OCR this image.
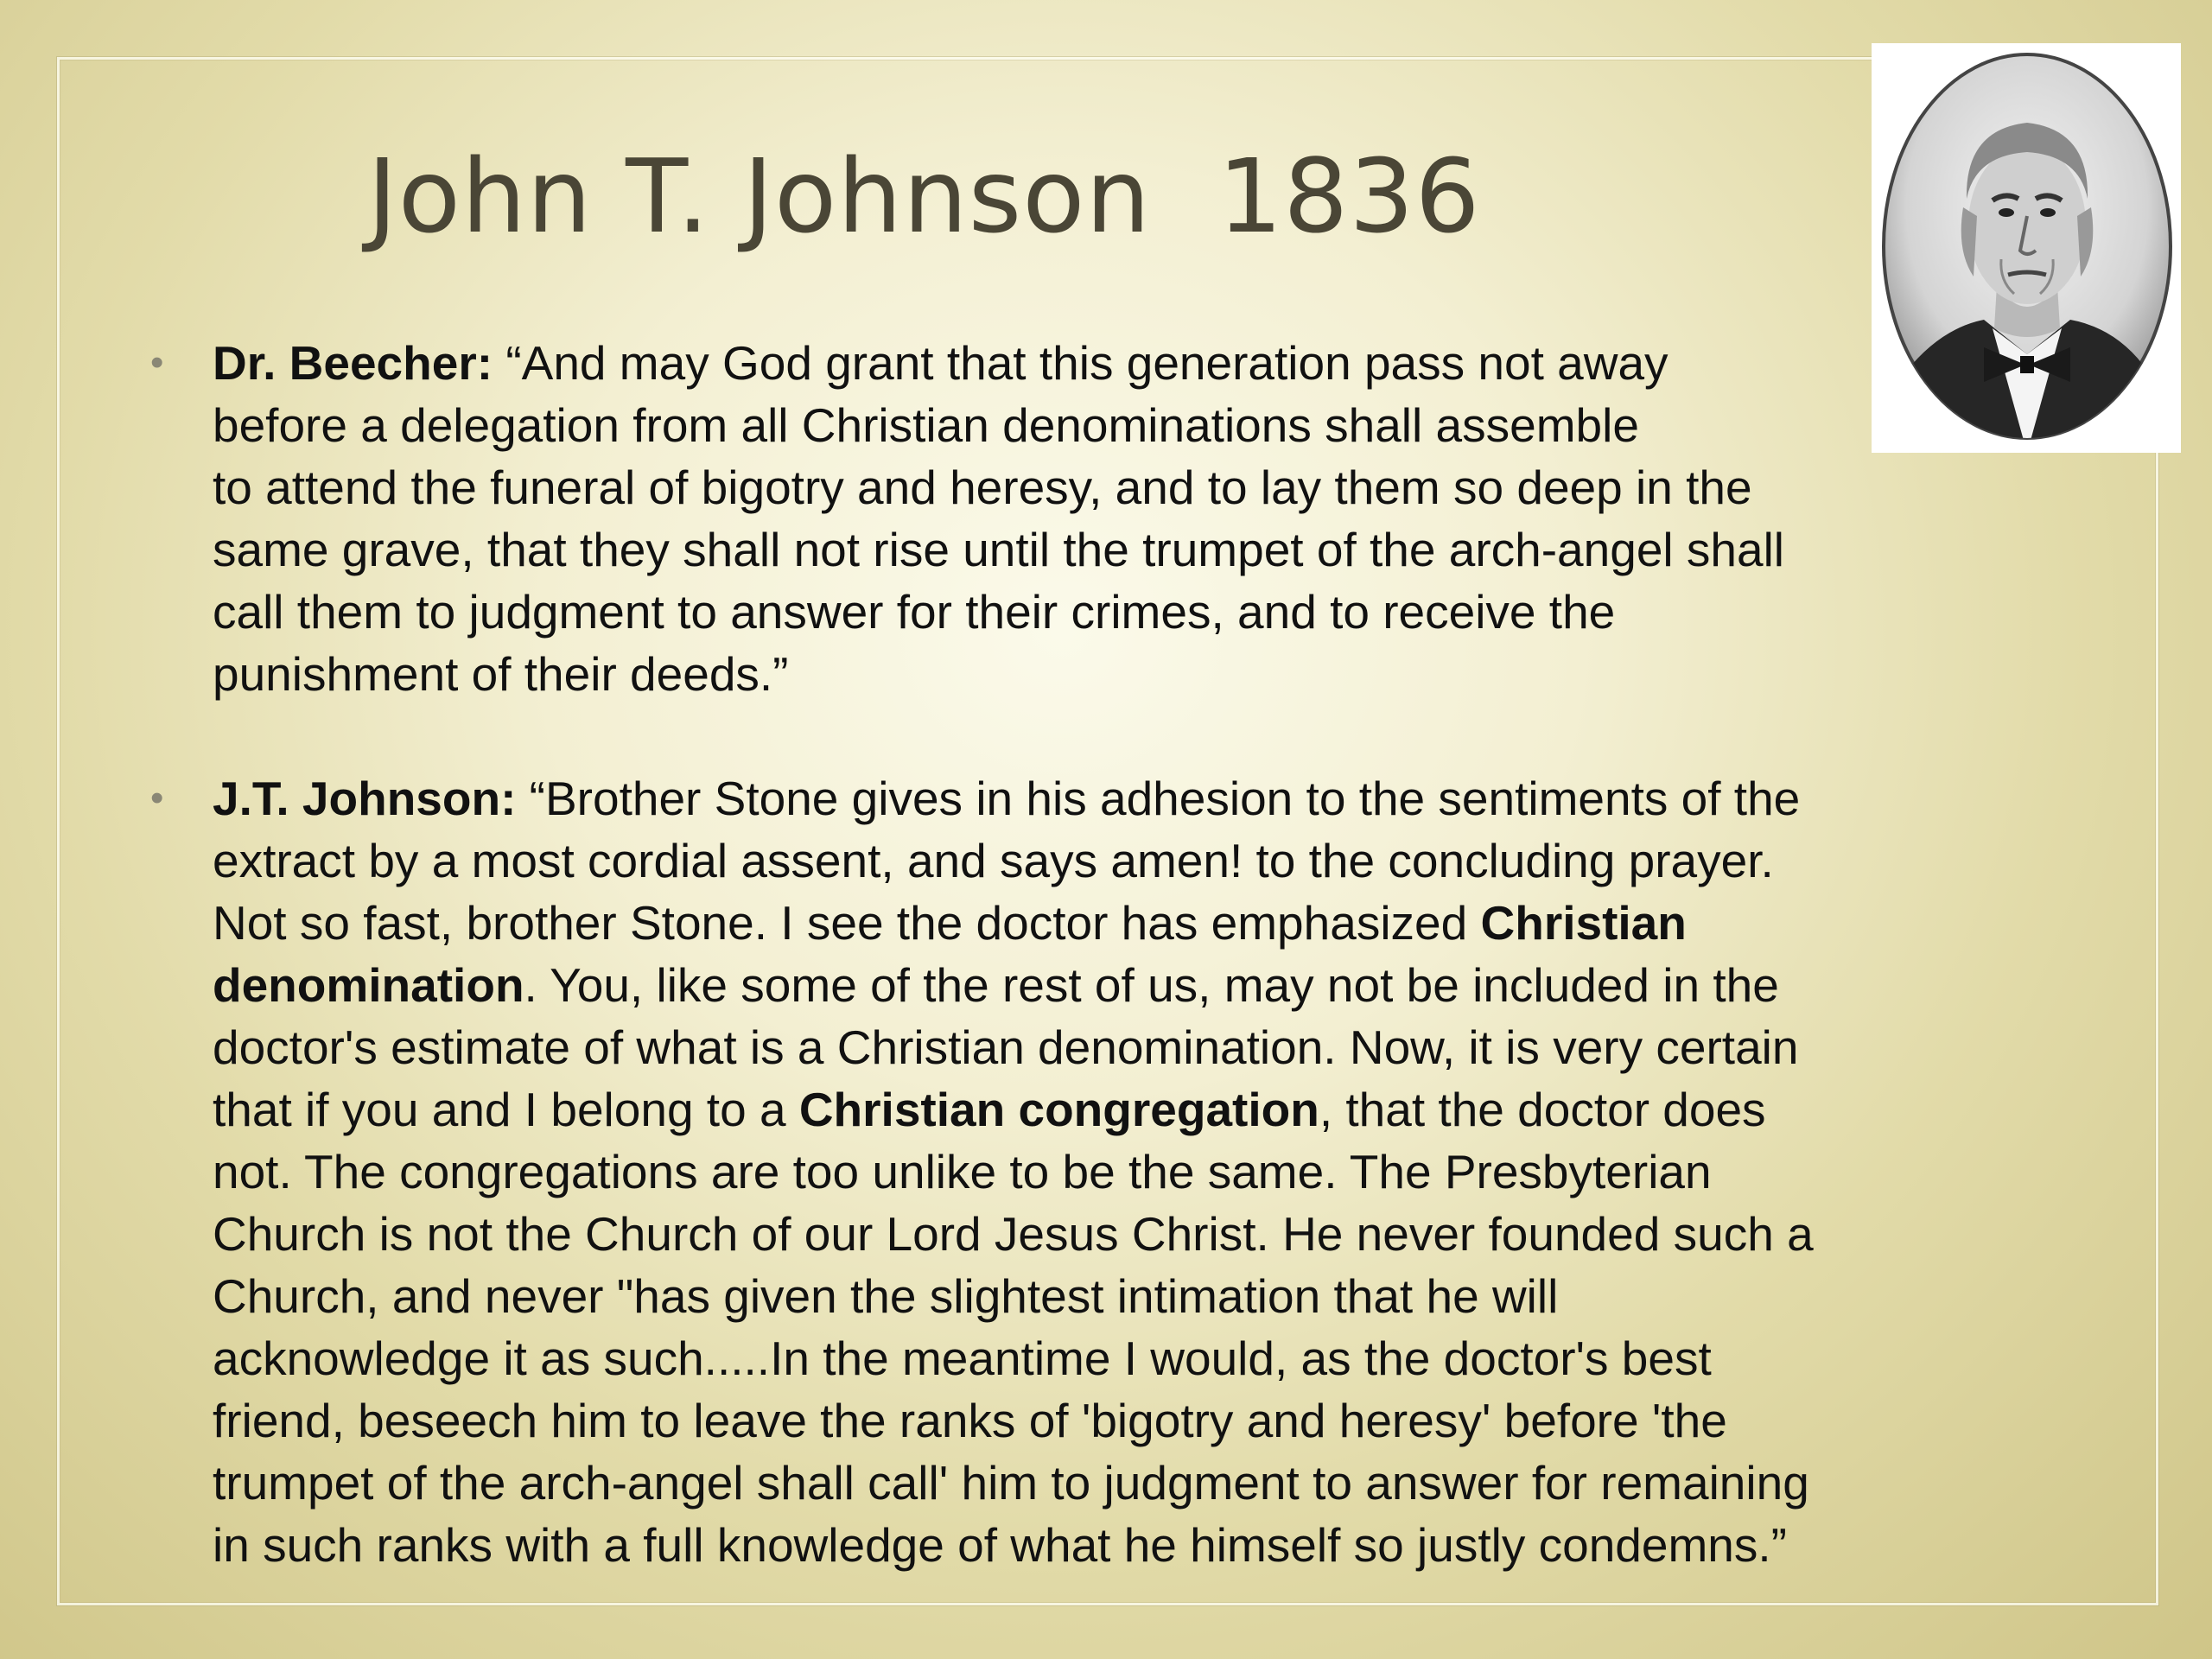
John T. Johnson  1836
• Dr. Beecher: “And may God grant that this generation pass not away
before a delegation from all Christian denominations shall assemble
to attend the funeral of bigotry and heresy, and to lay them so deep in the
same grave, that they shall not rise until the trumpet of the arch-angel shall
call them to judgment to answer for their crimes, and to receive the
punishment of their deeds.”
• J.T. Johnson: “Brother Stone gives in his adhesion to the sentiments of the
extract by a most cordial assent, and says amen! to the concluding prayer.
Not so fast, brother Stone. I see the doctor has emphasized Christian
denomination. You, like some of the rest of us, may not be included in the
doctor's estimate of what is a Christian denomination. Now, it is very certain
that if you and I belong to a Christian congregation, that the doctor does
not. The congregations are too unlike to be the same. The Presbyterian
Church is not the Church of our Lord Jesus Christ. He never founded such a
Church, and never "has given the slightest intimation that he will
acknowledge it as such.....In the meantime I would, as the doctor's best
friend, beseech him to leave the ranks of 'bigotry and heresy' before 'the
trumpet of the arch-angel shall call' him to judgment to answer for remaining
in such ranks with a full knowledge of what he himself so justly condemns.”
